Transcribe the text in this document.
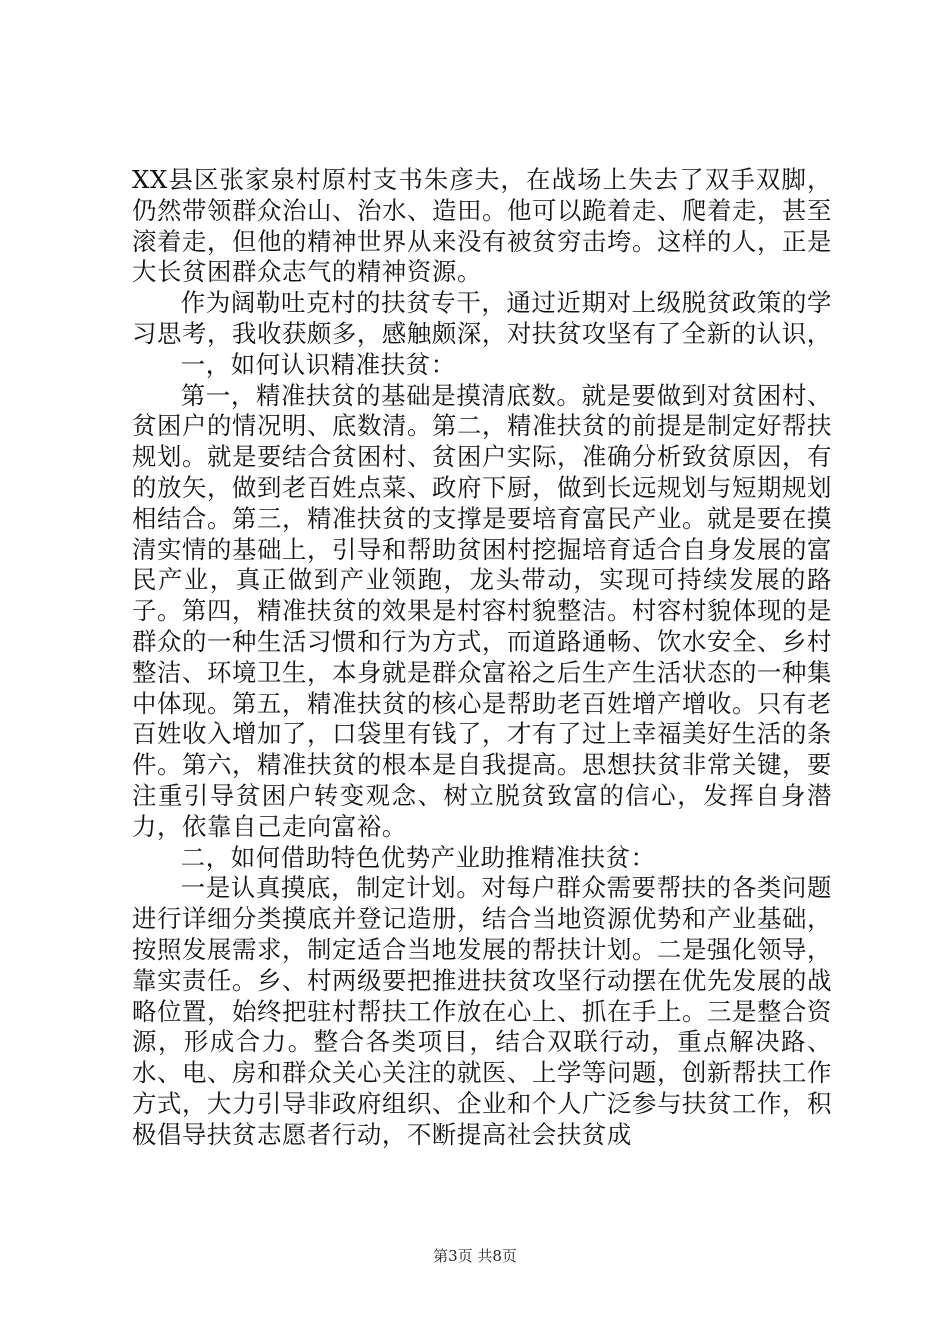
XX县区张家泉村原村支书朱彦夫，在战场上失去了双手双脚，仍然带领群众治山、治水、造田。他可以跪着走、爬着走，甚至滚着走，但他的精神世界从来没有被贫穷击垮。这样的人，正是大长贫困群众志气的精神资源。

作为阔勒吐克村的扶贫专干，通过近期对上级脱贫政策的学习思考，我收获颇多，感触颇深，对扶贫攻坚有了全新的认识，

一，如何认识精准扶贫：

第一，精准扶贫的基础是摸清底数。就是要做到对贫困村、贫困户的情况明、底数清。第二，精准扶贫的前提是制定好帮扶规划。就是要结合贫困村、贫困户实际，准确分析致贫原因，有的放矢，做到老百姓点菜、政府下厨，做到长远规划与短期规划相结合。第三，精准扶贫的支撑是要培育富民产业。就是要在摸清实情的基础上，引导和帮助贫困村挖掘培育适合自身发展的富民产业，真正做到产业领跑，龙头带动，实现可持续发展的路子。第四，精准扶贫的效果是村容村貌整洁。村容村貌体现的是群众的一种生活习惯和行为方式，而道路通畅、饮水安全、乡村整洁、环境卫生，本身就是群众富裕之后生产生活状态的一种集中体现。第五，精准扶贫的核心是帮助老百姓增产增收。只有老百姓收入增加了，口袋里有钱了，才有了过上幸福美好生活的条件。第六，精准扶贫的根本是自我提高。思想扶贫非常关键，要注重引导贫困户转变观念、树立脱贫致富的信心，发挥自身潜力，依靠自己走向富裕。

二，如何借助特色优势产业助推精准扶贫：

一是认真摸底，制定计划。对每户群众需要帮扶的各类问题进行详细分类摸底并登记造册，结合当地资源优势和产业基础，按照发展需求，制定适合当地发展的帮扶计划。二是强化领导，靠实责任。乡、村两级要把推进扶贫攻坚行动摆在优先发展的战略位置，始终把驻村帮扶工作放在心上、抓在手上。三是整合资源，形成合力。整合各类项目，结合双联行动，重点解决路、水、电、房和群众关心关注的就医、上学等问题，创新帮扶工作方式，大力引导非政府组织、企业和个人广泛参与扶贫工作，积极倡导扶贫志愿者行动，不断提高社会扶贫成

第3页 共8页
